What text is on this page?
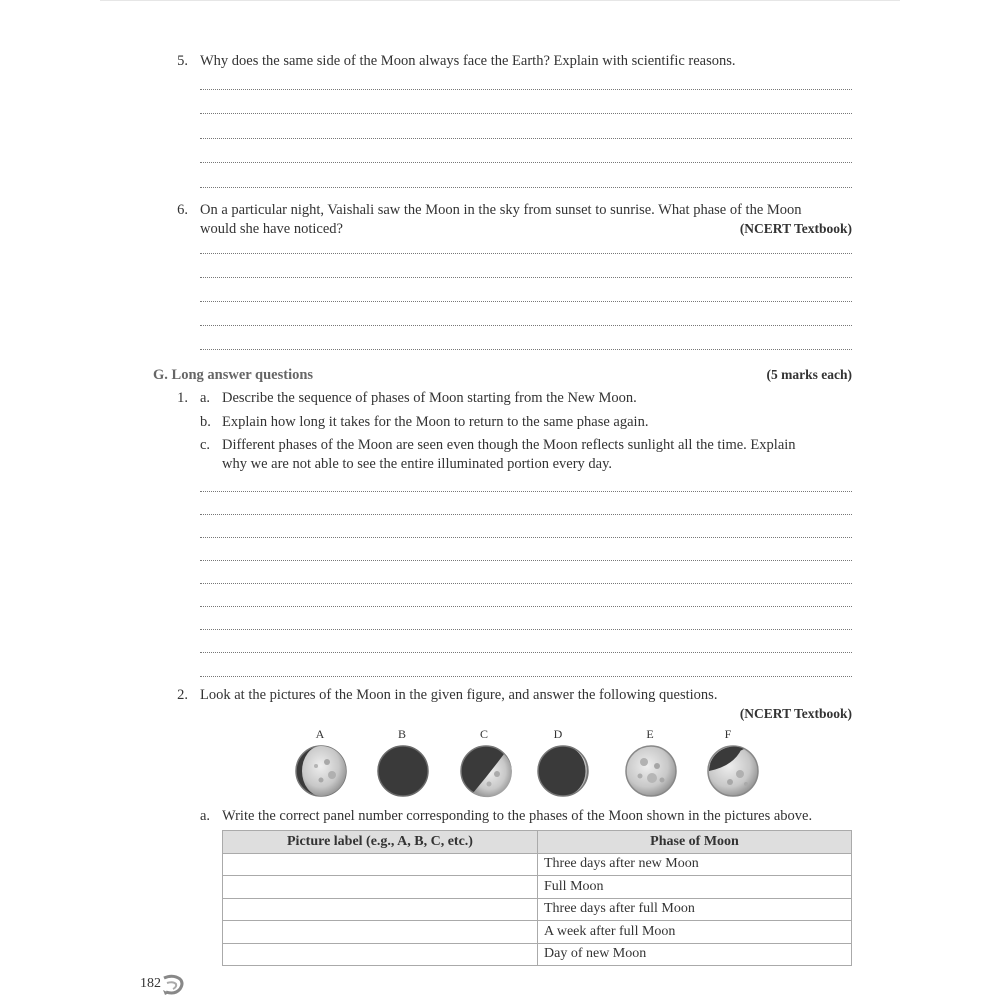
5. Why does the same side of the Moon always face the Earth? Explain with scientific reasons.
6. On a particular night, Vaishali saw the Moon in the sky from sunset to sunrise. What phase of the Moon
would she have noticed?	(NCERT Textbook)
G. Long answer questions	(5 marks each)
1. a. Describe the sequence of phases of Moon starting from the New Moon.
b. Explain how long it takes for the Moon to return to the same phase again.
c. Different phases of the Moon are seen even though the Moon reflects sunlight all the time. Explain
why we are not able to see the entire illuminated portion every day.
2. Look at the pictures of the Moon in the given figure, and answer the following questions.
(NCERT Textbook)
A	B	C	D	E	F
a. Write the correct panel number corresponding to the phases of the Moon shown in the pictures above.
Picture label (e.g., A, B, C, etc.)	Phase of Moon
	Three days after new Moon
	Full Moon
	Three days after full Moon
	A week after full Moon
	Day of new Moon
182
